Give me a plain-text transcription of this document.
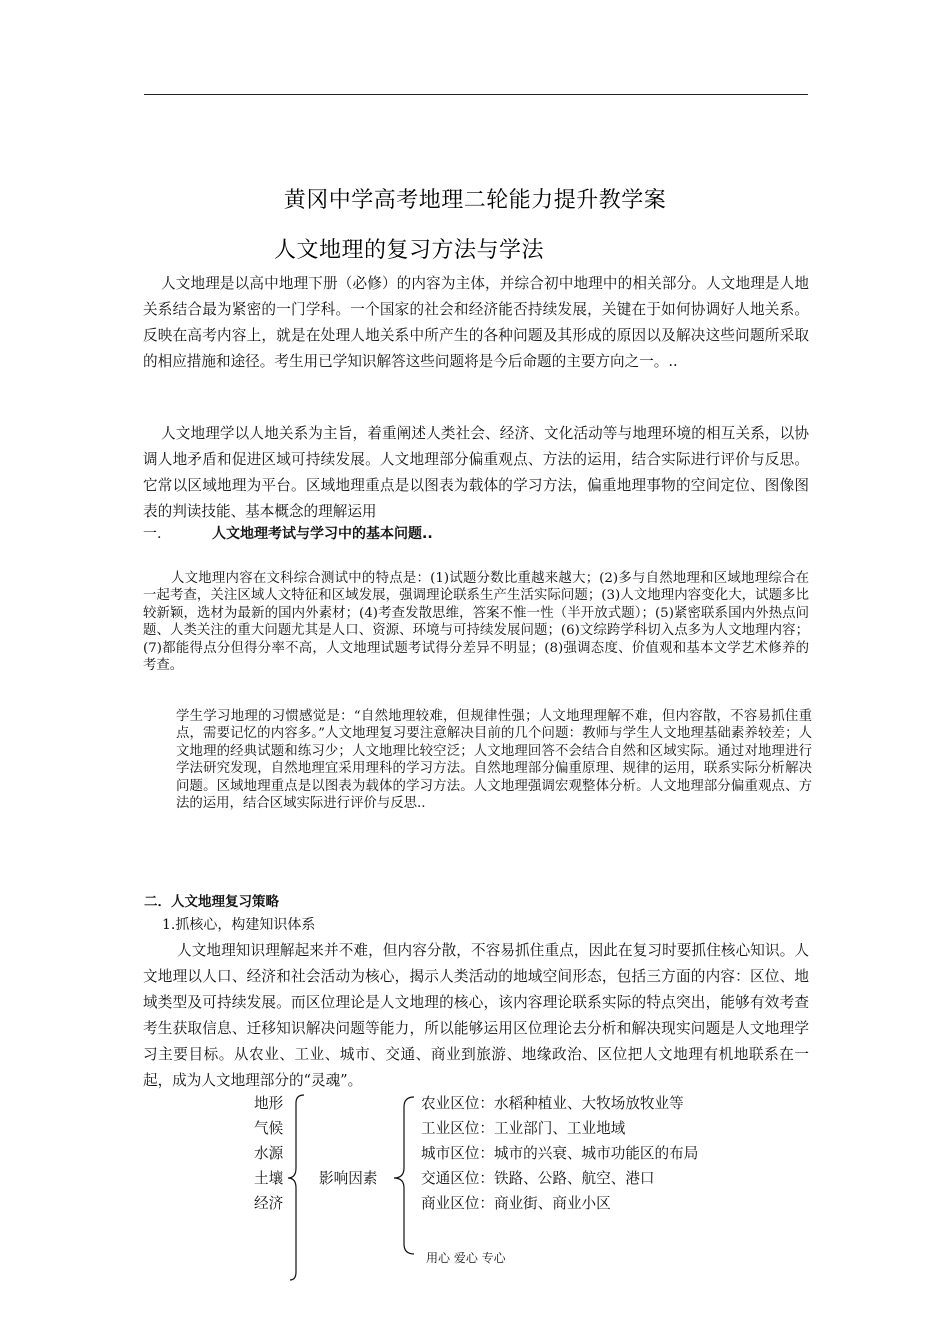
黄冈中学高考地理二轮能力提升教学案
人文地理的复习方法与学法

人文地理是以高中地理下册（必修）的内容为主体，并综合初中地理中的相关部分。人文地理是人地关系结合最为紧密的一门学科。一个国家的社会和经济能否持续发展，关键在于如何协调好人地关系。反映在高考内容上，就是在处理人地关系中所产生的各种问题及其形成的原因以及解决这些问题所采取的相应措施和途径。考生用已学知识解答这些问题将是今后命题的主要方向之一。..

人文地理学以人地关系为主旨，着重阐述人类社会、经济、文化活动等与地理环境的相互关系，以协调人地矛盾和促进区域可持续发展。人文地理部分偏重观点、方法的运用，结合实际进行评价与反思。它常以区域地理为平台。区域地理重点是以图表为载体的学习方法，偏重地理事物的空间定位、图像图表的判读技能、基本概念的理解运用

一.	人文地理考试与学习中的基本问题..

人文地理内容在文科综合测试中的特点是：(1)试题分数比重越来越大；(2)多与自然地理和区域地理综合在一起考查，关注区域人文特征和区域发展，强调理论联系生产生活实际问题；(3)人文地理内容变化大，试题多比较新颖，选材为最新的国内外素材；(4)考查发散思维，答案不惟一性（半开放式题）；(5)紧密联系国内外热点问题、人类关注的重大问题尤其是人口、资源、环境与可持续发展问题；(6)文综跨学科切入点多为人文地理内容；(7)都能得点分但得分率不高，人文地理试题考试得分差异不明显；(8)强调态度、价值观和基本文学艺术修养的考查。

学生学习地理的习惯感觉是：“自然地理较难，但规律性强；人文地理理解不难，但内容散，不容易抓住重点，需要记忆的内容多。”人文地理复习要注意解决目前的几个问题：教师与学生人文地理基础素养较差；人文地理的经典试题和练习少；人文地理比较空泛；人文地理回答不会结合自然和区域实际。通过对地理进行学法研究发现，自然地理宜采用理科的学习方法。自然地理部分偏重原理、规律的运用，联系实际分析解决问题。区域地理重点是以图表为载体的学习方法。人文地理强调宏观整体分析。人文地理部分偏重观点、方法的运用，结合区域实际进行评价与反思..

二．人文地理复习策略
1.抓核心，构建知识体系

人文地理知识理解起来并不难，但内容分散，不容易抓住重点，因此在复习时要抓住核心知识。人文地理以人口、经济和社会活动为核心，揭示人类活动的地域空间形态，包括三方面的内容：区位、地域类型及可持续发展。而区位理论是人文地理的核心，该内容理论联系实际的特点突出，能够有效考查考生获取信息、迁移知识解决问题等能力，所以能够运用区位理论去分析和解决现实问题是人文地理学习主要目标。从农业、工业、城市、交通、商业到旅游、地缘政治、区位把人文地理有机地联系在一起，成为人文地理部分的“灵魂”。

地形
气候
水源
土壤
经济
影响因素
农业区位：水稻种植业、大牧场放牧业等
工业区位：工业部门、工业地域
城市区位：城市的兴衰、城市功能区的布局
交通区位：铁路、公路、航空、港口
商业区位：商业街、商业小区
用心 爱心 专心
